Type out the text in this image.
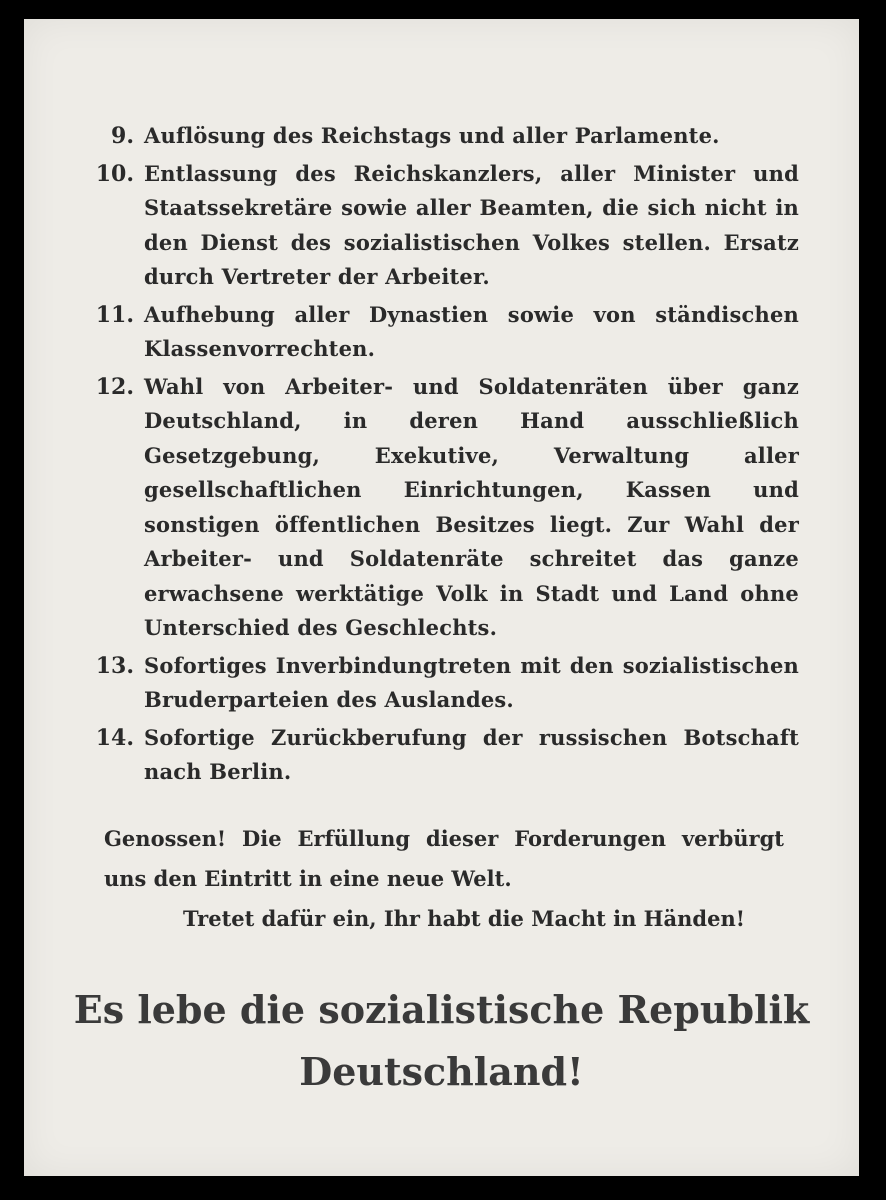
9. Auflösung des Reichstags und aller Parlamente.
10. Entlassung des Reichskanzlers, aller Minister und Staatssekretäre sowie aller Beamten, die sich nicht in den Dienst des sozialistischen Volkes stellen. Ersatz durch Vertreter der Arbeiter.
11. Aufhebung aller Dynastien sowie von ständischen Klassenvorrechten.
12. Wahl von Arbeiter- und Soldatenräten über ganz Deutschland, in deren Hand ausschließlich Gesetzgebung, Exekutive, Verwaltung aller gesellschaftlichen Einrichtungen, Kassen und sonstigen öffentlichen Besitzes liegt. Zur Wahl der Arbeiter- und Soldatenräte schreitet das ganze erwachsene werktätige Volk in Stadt und Land ohne Unterschied des Geschlechts.
13. Sofortiges Inverbindungtreten mit den sozialistischen Bruderparteien des Auslandes.
14. Sofortige Zurückberufung der russischen Botschaft nach Berlin.

Genossen! Die Erfüllung dieser Forderungen verbürgt uns den Eintritt in eine neue Welt.

Tretet dafür ein, Ihr habt die Macht in Händen!

Es lebe die sozialistische Republik
Deutschland!
